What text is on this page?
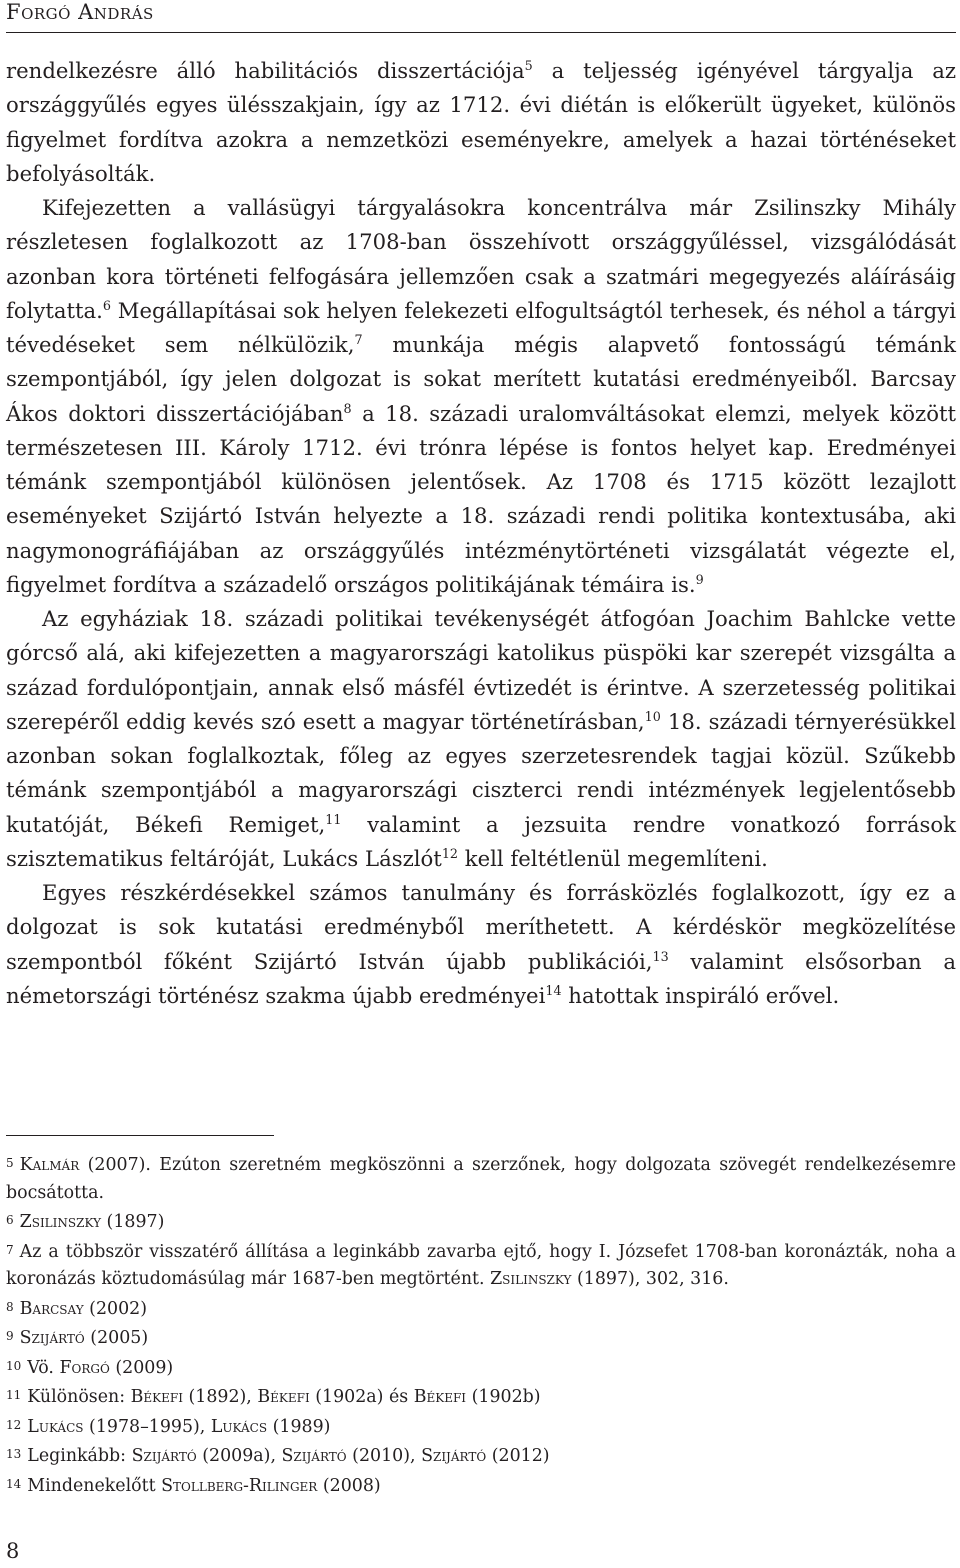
Forgó András

rendelkezésre álló habilitációs disszertációja$^5$ a teljesség igényével tárgyalja az országgyűlés egyes ülésszakjain, így az 1712. évi diétán is előkerült ügyeket, különös figyelmet fordítva azokra a nemzetközi eseményekre, amelyek a hazai történéseket befolyásolták.

Kifejezetten a vallásügyi tárgyalásokra koncentrálva már Zsilinszky Mihály részletesen foglalkozott az 1708-ban összehívott országgyűléssel, vizsgálódását azonban kora történeti felfogására jellemzően csak a szatmári megegyezés aláírásáig folytatta.$^6$ Megállapításai sok helyen felekezeti elfogultságtól terhesek, és néhol a tárgyi tévedéseket sem nélkülözik,$^7$ munkája mégis alapvető fontosságú témánk szempontjából, így jelen dolgozat is sokat merített kutatási eredményeiből. Barcsay Ákos doktori disszertációjában$^8$ a 18. századi uralomváltásokat elemzi, melyek között természetesen III. Károly 1712. évi trónra lépése is fontos helyet kap. Eredményei témánk szempontjából különösen jelentősek. Az 1708 és 1715 között lezajlott eseményeket Szijártó István helyezte a 18. századi rendi politika kontextusába, aki nagymonográfiájában az országgyűlés intézménytörténeti vizsgálatát végezte el, figyelmet fordítva a századelő országos politikájának témáira is.$^9$

Az egyháziak 18. századi politikai tevékenységét átfogóan Joachim Bahlcke vette górcső alá, aki kifejezetten a magyarországi katolikus püspöki kar szerepét vizsgálta a század fordulópontjain, annak első másfél évtizedét is érintve. A szerzetesség politikai szerepéről eddig kevés szó esett a magyar történetírásban,$^{10}$ 18. századi térnyerésükkel azonban sokan foglalkoztak, főleg az egyes szerzetesrendek tagjai közül. Szűkebb témánk szempontjából a magyarországi ciszterci rendi intézmények legjelentősebb kutatóját, Békefi Remiget,$^{11}$ valamint a jezsuita rendre vonatkozó források szisztematikus feltáróját, Lukács Lászlót$^{12}$ kell feltétlenül megemlíteni.

Egyes részkérdésekkel számos tanulmány és forrásközlés foglalkozott, így ez a dolgozat is sok kutatási eredményből meríthetett. A kérdéskör megközelítése szempontból főként Szijártó István újabb publikációi,$^{13}$ valamint elsősorban a németországi történész szakma újabb eredményei$^{14}$ hatottak inspiráló erővel.

5 Kalmár (2007). Ezúton szeretném megköszönni a szerzőnek, hogy dolgozata szövegét rendelkezésemre bocsátotta.

6 Zsilinszky (1897)

7 Az a többször visszatérő állítása a leginkább zavarba ejtő, hogy I. Józsefet 1708-ban koronázták, noha a koronázás köztudomásúlag már 1687-ben megtörtént. Zsilinszky (1897), 302, 316.

8 Barcsay (2002)

9 Szijártó (2005)

10 Vö. Forgó (2009)

11 Különösen: Békefi (1892), Békefi (1902a) és Békefi (1902b)

12 Lukács (1978–1995), Lukács (1989)

13 Leginkább: Szijártó (2009a), Szijártó (2010), Szijártó (2012)

14 Mindenekelőtt Stollberg-Rilinger (2008)

8
